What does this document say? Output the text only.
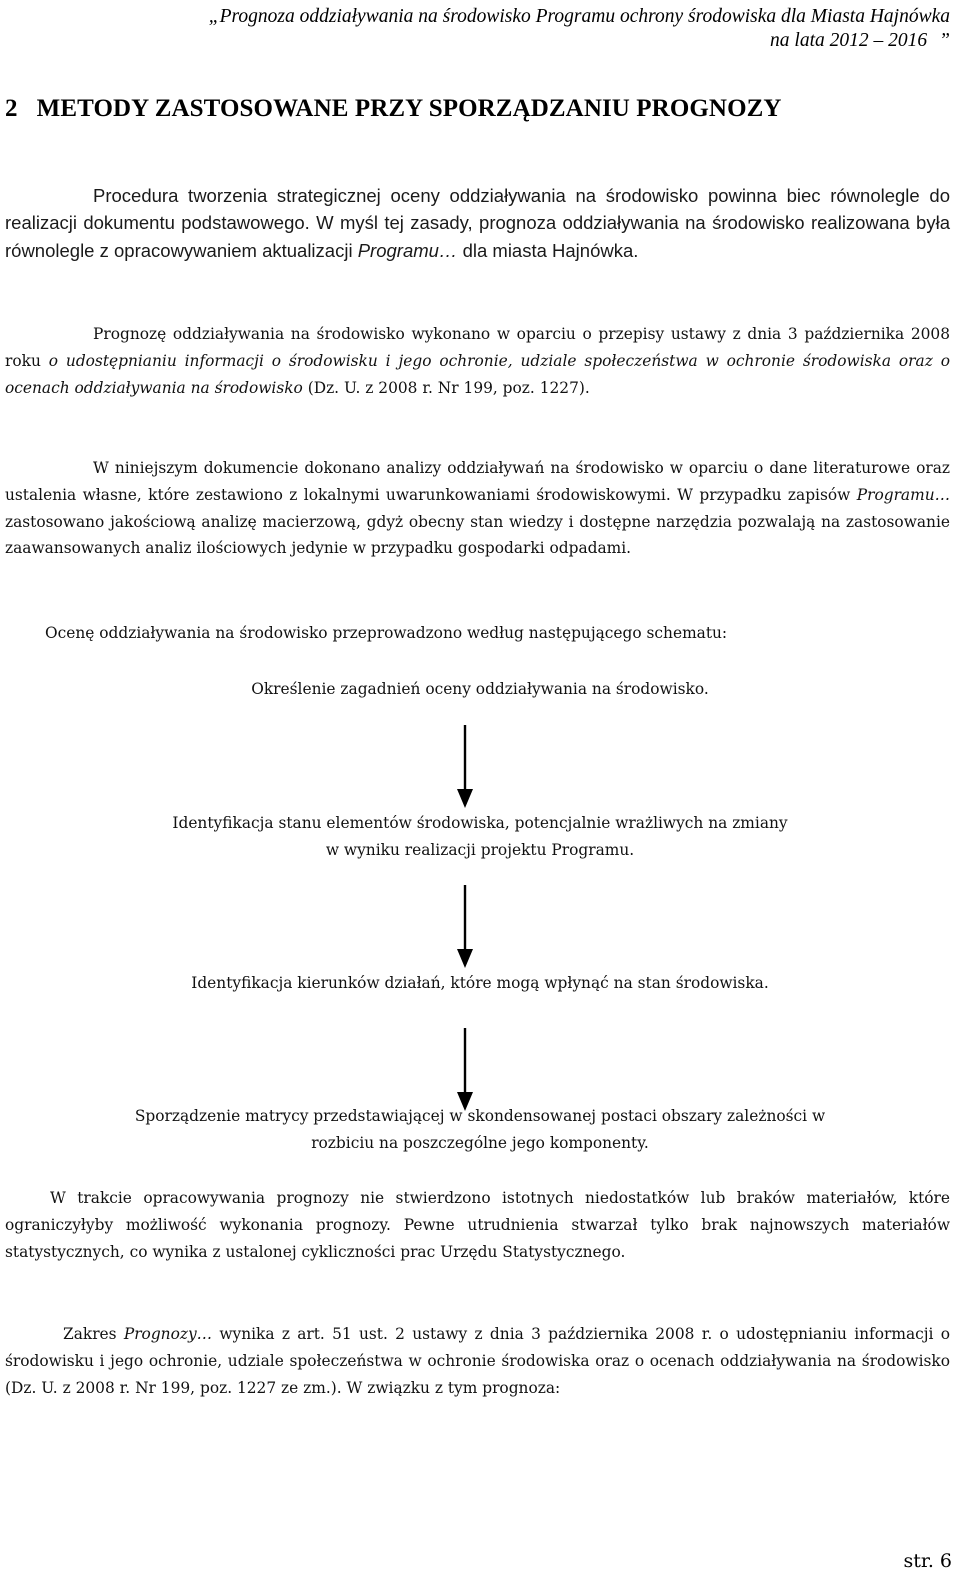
„Prognoza oddziaływania na środowisko Programu ochrony środowiska dla Miasta Hajnówka
na lata 2012 – 2016 ”
2 METODY ZASTOSOWANE PRZY SPORZĄDZANIU PROGNOZY

Procedura tworzenia strategicznej oceny oddziaływania na środowisko powinna biec równolegle do realizacji dokumentu podstawowego. W myśl tej zasady, prognoza oddziaływania na środowisko realizowana była równolegle z opracowywaniem aktualizacji Programu… dla miasta Hajnówka.

Prognozę oddziaływania na środowisko wykonano w oparciu o przepisy ustawy z dnia 3 października 2008 roku o udostępnianiu informacji o środowisku i jego ochronie, udziale społeczeństwa w ochronie środowiska oraz o ocenach oddziaływania na środowisko (Dz. U. z 2008 r. Nr 199, poz. 1227).

W niniejszym dokumencie dokonano analizy oddziaływań na środowisko w oparciu o dane literaturowe oraz ustalenia własne, które zestawiono z lokalnymi uwarunkowaniami środowiskowymi. W przypadku zapisów Programu… zastosowano jakościową analizę macierzową, gdyż obecny stan wiedzy i dostępne narzędzia pozwalają na zastosowanie zaawansowanych analiz ilościowych jedynie w przypadku gospodarki odpadami.

Ocenę oddziaływania na środowisko przeprowadzono według następującego schematu:

Określenie zagadnień oceny oddziaływania na środowisko.

Identyfikacja stanu elementów środowiska, potencjalnie wrażliwych na zmiany
w wyniku realizacji projektu Programu.

Identyfikacja kierunków działań, które mogą wpłynąć na stan środowiska.

Sporządzenie matrycy przedstawiającej w skondensowanej postaci obszary zależności w
rozbiciu na poszczególne jego komponenty.

W trakcie opracowywania prognozy nie stwierdzono istotnych niedostatków lub braków materiałów, które ograniczyłyby możliwość wykonania prognozy. Pewne utrudnienia stwarzał tylko brak najnowszych materiałów statystycznych, co wynika z ustalonej cykliczności prac Urzędu Statystycznego.

Zakres Prognozy… wynika z art. 51 ust. 2 ustawy z dnia 3 października 2008 r. o udostępnianiu informacji o środowisku i jego ochronie, udziale społeczeństwa w ochronie środowiska oraz o ocenach oddziaływania na środowisko (Dz. U. z 2008 r. Nr 199, poz. 1227 ze zm.). W związku z tym prognoza:

str. 6
